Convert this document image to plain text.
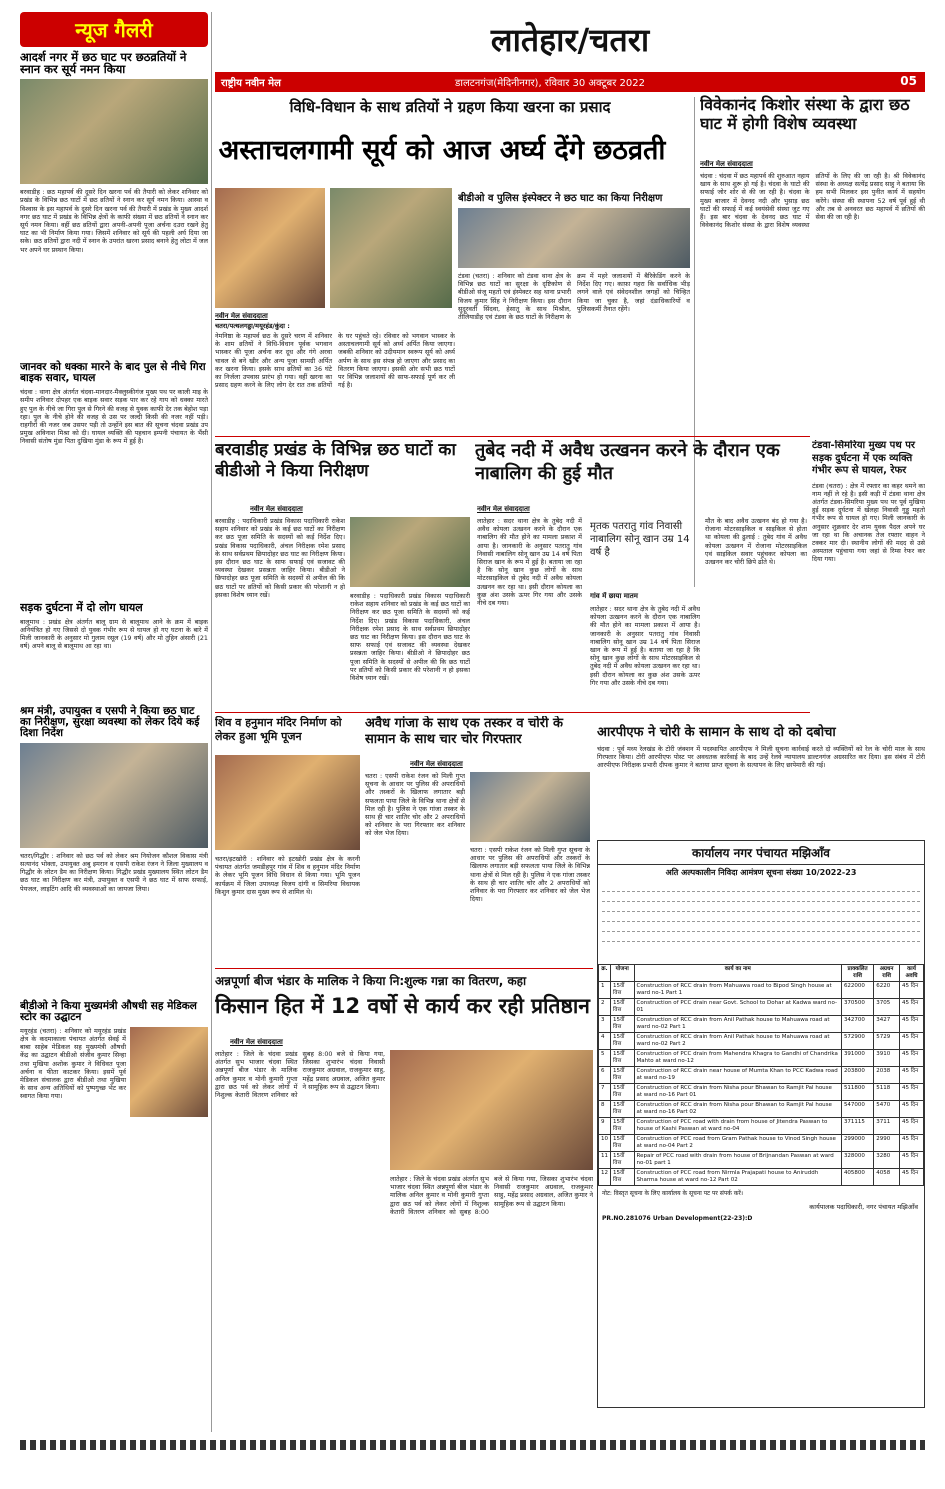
न्यूज गैलरी
आदर्श नगर में छठ घाट पर छठव्रतियों ने स्नान कर सूर्य नमन किया
बरवाडीह : छठ महापर्व की दूसरे दिन खरना पर्व की तैयारी को लेकर शनिवार को प्रखंड के विभिन्न छठ घाटों में छठ व्रतियों ने स्नान कर सूर्य नमन किया। आस्था व विश्वास के इस महापर्व के दूसरे दिन खरना पर्व की तैयारी में प्रखंड के मुख्य आदर्श नगर छठ घाट में प्रखंड के विभिन्न क्षेत्रों के काफी संख्या में छठ व्रतियों ने स्नान कर सूर्य नमन किया। वहीं छठ व्रतियों द्वारा अपनी-अपनी पूजा अर्चना दउरा रखने हेतु घाट का भी निर्माण किया गया। जिसमें शनिवार को सूर्य की पहली अर्घ दिया जा सके। छठ व्रतियों द्वारा नदी में स्नान के उपरांत खरना प्रसाद बनाने हेतु लोटा में जल भर अपने घर प्रस्थान किया।
जानवर को धक्का मारने के बाद पुल से नीचे गिरा बाइक सवार, घायल
चंदवा : थाना क्षेत्र अंतर्गत चंदवा-मानदार-मैक्लुस्कीगंज मुख्य पथ पर काली माइ के समीप शनिवार दोपहर एक बाइक सवार सड़क पार कर रहे गाय को धक्का मारते हुए पुल के नीचे जा गिरा पुल से गिरने की वजह से युवक काफी देर तक बेहोश पड़ा रहा। पुल के नीचे होने की वजह से उस पर जल्दी किसी की नजर नहीं पड़ी। राहगीरों की नजर जब उसपर पड़ी तो उन्होंने इस बात की सूचना चंदवा प्रखंड उप प्रमुख अविनाश मिश्रा को दी। घायल व्यक्ति की पहचान इम्पनी पंचायत के भैंसी निवासी संतोष मुंडा पिता दुखिया मुंडा के रूप में हुई है।
सड़क दुर्घटना में दो लोग घायल
बालूमाथ : प्रखंड क्षेत्र अंतर्गत बालू ग्राम से बालूमाथ आने के क्रम में बाइक अनियंत्रित हो गए जिससे दो युवक गंभीर रूप से घायल हो गए घटना के बारे में मिली जानकारी के अनुसार मो गुलाम रसूल (19 वर्ष) और मो तुहिन अंसारी (21 वर्ष) अपने बालू से बालूमाथ आ रहा था।
श्रम मंत्री, उपायुक्त व एसपी ने किया छठ घाट का निरीक्षण, सुरक्षा व्यवस्था को लेकर दिये कई दिशा निर्देश
चतरा/गिद्धौर : शनिवार को छठ पर्व को लेकर श्रम नियोजन कौशल विकास मंत्री सत्यानंद भोक्ता, उपायुक्त अबु इमरान व एसपी राकेश रंजन ने जिला मुख्यालय व गिद्धौर के लोटन डैम का निरीक्षण किया। गिद्धौर प्रखंड मुख्यालय स्थित लोटन डैम छठ घाट का निरीक्षण कर मंत्री, उपायुक्त व एसपी ने छठ घाट में साफ सफाई, पेयजल, लाइटिंग आदि की व्यवस्थाओं का जायजा लिया।
बीडीओ ने किया मुख्यमंत्री औषधी सह मेडिकल स्टोर का उद्घाटन
मयूरहंड (चतरा) : शनिवार को मयूरहंड प्रखंड क्षेत्र के कदमाकाला पंचायत अंतर्गत सेवई में बाबा साहेब मेडिकल सह मुख्यमंत्री औषधी केंद्र का उद्घाटन बीडीओ संजीव कुमार सिन्हा तथा मुखिया अशोक कुमार ने विधिवत पूजा अर्चना व फीता काटकर किया। इसमें पूर्व मेडिकल संचालक द्वारा बीडीओ तथा मुखिया के साथ अन्य अतिथियों को पुष्पगुच्छ भेंट कर स्वागत किया गया।
लातेहार/चतरा
राष्ट्रीय नवीन मेल	डालटनगंज(मेदिनीनगर), रविवार 30 अक्टूबर 2022	05
विधि-विधान के साथ व्रतियों ने ग्रहण किया खरना का प्रसाद
अस्ताचलगामी सूर्य को आज अर्घ्य देंगे छठव्रती
नवीन मेल संवाददाता
चतरा/पत्थलगड्डा/मयूरहंड/कुंदा :
नेमनिष्ठा के महापर्व छठ के दूसरे चरण में शनिवार के शाम व्रतियों ने विधि-विधान पूर्वक भगवान भास्कर की पूजा अर्चना कर दूध और गंगे अरवा चावल से बने खीर और अन्य पूजा सामग्री अर्पित कर खरना किया। इसके साथ व्रतियों का 36 घंटे का निर्जला उपवास प्रारंभ हो गया। वहीं खरना का प्रसाद ग्रहण करने के लिए लोग देर रात तक व्रतियों के घर पहुंचते रहे। रविवार को भगवान भास्कर के अस्ताचलगामी सूर्य को अर्घ्य अर्पित किया जाएगा। जबकी शनिवार को उदीयमान स्वरूप सूर्य को अर्घ्य अर्पण के साथ इस संपन्न हो जाएगा और प्रसाद का वितरण किया जाएगा। इसकी ओर सभी छठ घाटों पर विभिन्न जलाशयों की साफ-सफाई पूर्ण कर ली गई है।
बीडीओ व पुलिस इंस्पेक्टर ने छठ घाट का किया निरीक्षण
टंडवा (चतरा) : शनिवार को टंडवा थाना क्षेत्र के विभिन्न छठ घाटों का सुरक्षा के दृष्टिकोण से बीडीओ संजू महतो एवं इंस्पेक्टर सह थाना प्रभारी विजय कुमार सिंह ने निरीक्षण किया। इस दौरान सुदूरवर्ती सिंदवा, हेसातू के साथ मिश्रौल, तीलियाडीह एवं टंडवा के छठ घाटों के निरीक्षण के क्रम में महरे जलाशयों में बैरिकेडिंग करने के निर्देश दिए गए। काफ़ा गहरा कि सर्वाधिक भीड़ लगने वाले एवं संवेदनशील जगहों को चिन्हित किया जा चुका है, जहां दंडाधिकारियों व पुलिसकर्मी तैनात रहेंगे।
विवेकानंद किशोर संस्था के द्वारा छठ घाट में होगी विशेष व्यवस्था
नवीन मेल संवाददाता
चंदवा : चंदवा में छठ महापर्व की शुरुआत नहाय खाय के साथ शुरू हो गई है। चंदवा के घाटो की सफाई जोर शोर से की जा रही है। चंदवा के मुख्य बाजार में देवनद नदी और भुसाड़ छठ घाटों की सफाई में कई स्वयंसेवी संस्था जुट गए हैं। इस बार चंदवा के देवनद छठ घाट में विवेकानंद किशोर संस्था के द्वारा विशेष व्यवस्था व्रतियों के लिए की जा रही है। श्री विवेकानंद संस्था के अध्यक्ष सत्येंद्र प्रसाद साहु ने बताया कि हम सभी मिलकर इस पुनीत कार्य में सहयोग करेंगे। संस्था की स्थापना 52 वर्ष पूर्व हुई थी और तब से अनवरत छठ महापर्व में व्रतियों की सेवा की जा रही है।
टंडवा-सिमरिया मुख्य पथ पर सड़क दुर्घटना में एक व्यक्ति गंभीर रूप से घायल, रेफर
टंडवा (चतरा) : क्षेत्र में रफ्तार का कहर थमने का नाम नहीं ले रहे है। इसी कड़ी में टंडवा थाना क्षेत्र अंतर्गत टंडवा-सिमरिया मुख्य पथ पर पूर्व मुखिया हुई सड़क दुर्घटना में खेलहा निवासी गुड्डू महतो गंभीर रूप से घायल हो गए। मिली जानकारी के अनुसार शुक्रवार देर शाम युवक पैदल अपने घर जा रहा था कि अचानक तेज रफ्तार वाहन ने टक्कर मार दी। स्थानीय लोगों की मदद से उसे अस्पताल पहुंचाया गया जहां से रिम्स रेफर कर दिया गया।
बरवाडीह प्रखंड के विभिन्न छठ घाटों का बीडीओ ने किया निरीक्षण
नवीन मेल संवाददाता
बरवाडीह : पदाधिकारी प्रखंड विकास पदाधिकारी राकेश सहाय शनिवार को प्रखंड के कई छठ घाटों का निरीक्षण कर छठ पूजा समिति के सदस्यों को कई निर्देश दिए। प्रखंड विकास पदाधिकारी, अंचल निरीक्षक रमेश प्रसाद के साथ सर्वप्रथम छिपादोहर छठ घाट का निरीक्षण किया। इस दौरान छठ घाट के साफ सफाई एवं सजावट की व्यवस्था देखकर प्रसन्नता जाहिर किया। बीडीओ ने छिपादोहर छठ पूजा समिति के सदस्यों से अपील की कि छठ घाटों पर व्रतियों को किसी प्रकार की परेशानी न हो इसका विशेष ध्यान रखें।	बरवाडीह : पदाधिकारी प्रखंड विकास पदाधिकारी राकेश सहाय शनिवार को प्रखंड के कई छठ घाटों का निरीक्षण कर छठ पूजा समिति के सदस्यों को कई निर्देश दिए। प्रखंड विकास पदाधिकारी, अंचल निरीक्षक रमेश प्रसाद के साथ सर्वप्रथम छिपादोहर छठ घाट का निरीक्षण किया। इस दौरान छठ घाट के साफ सफाई एवं सजावट की व्यवस्था देखकर प्रसन्नता जाहिर किया। बीडीओ ने छिपादोहर छठ पूजा समिति के सदस्यों से अपील की कि छठ घाटों पर व्रतियों को किसी प्रकार की परेशानी न हो इसका विशेष ध्यान रखें।
तुबेद नदी में अवैध उत्खनन करने के दौरान एक नाबालिग की हुई मौत
नवीन मेल संवाददाता
लातेहार : सदर थाना क्षेत्र के तुबेद नदी में अवैध कोयला उत्खनन करने के दौरान एक नाबालिग की मौत होने का मामला प्रकाश में आया है। जानकारी के अनुसार पतरातु गांव निवासी नाबालिग सोनू खान उम्र 14 वर्ष पिता सिराज खान के रूप में हुई है। बताया जा रहा है कि सोनू खान कुछ लोगों के साथ मोटरसाइकिल से तुबेद नदी में अवैध कोयला उत्खनन कर रहा था। इसी दौरान कोयला का कुछ अंश उसके ऊपर गिर गया और उसके नीचे दब गया।
मृतक पतरातु गांव निवासी नाबालिग सोनू खान उम्र 14 वर्ष है
लातेहार : सदर थाना क्षेत्र के तुबेद नदी में अवैध कोयला उत्खनन करने के दौरान एक नाबालिग की मौत होने का मामला प्रकाश में आया है। जानकारी के अनुसार पतरातु गांव निवासी नाबालिग सोनू खान उम्र 14 वर्ष पिता सिराज खान के रूप में हुई है। बताया जा रहा है कि सोनू खान कुछ लोगों के साथ मोटरसाइकिल से तुबेद नदी में अवैध कोयला उत्खनन कर रहा था। इसी दौरान कोयला का कुछ अंश उसके ऊपर गिर गया और उसके नीचे दब गया।
गांव में छाया मातम
मौत के बाद अवैध उत्खनन बंद हो गया है। रोजाना मोटरसाइकिल व साइकिल से होता था कोयला की ढुलाई : तुबेद गांव में अवैध कोयला उत्खनन में रोजाना मोटरसाइकिल एवं साइकिल सवार पहुंचकर कोयला का उत्खनन कर चोरी छिपे ढोते थे।
शिव व हनुमान मंदिर निर्माण को लेकर हुआ भूमि पूजन
चतरा/इटखोरी : शनिवार को इटखोरी प्रखंड क्षेत्र के करनी पंचायत अंतर्गत जमडीहपुर गांव में शिव व हनुमान मंदिर निर्माण के लेकर भूमि पूजन विधि विधान से किया गया। भूमि पूजन कार्यक्रम में जिला उपाध्यक्ष विजय दांगी व सिमरिया विधायक किशुन कुमार दास मुख्य रूप से शामिल थे।
अवैध गांजा के साथ एक तस्कर व चोरी के सामान के साथ चार चोर गिरफ्तार
नवीन मेल संवाददाता
चतरा : एसपी राकेश रंजन को मिली गुप्त सूचना के आधार पर पुलिस की अपराधियों और तस्करों के खिलाफ लगातार बड़ी सफलता पाया जिले के विभिन्न थाना क्षेत्रों से मिल रही है। पुलिस ने एक गांजा तस्कर के साथ ही चार शातिर चोर और 2 अपराधियों को शनिवार के परा गिरफ्तार कर शनिवार को जेल भेज दिया।
चतरा : एसपी राकेश रंजन को मिली गुप्त सूचना के आधार पर पुलिस की अपराधियों और तस्करों के खिलाफ लगातार बड़ी सफलता पाया जिले के विभिन्न थाना क्षेत्रों से मिल रही है। पुलिस ने एक गांजा तस्कर के साथ ही चार शातिर चोर और 2 अपराधियों को शनिवार के परा गिरफ्तार कर शनिवार को जेल भेज दिया।
आरपीएफ ने चोरी के सामान के साथ दो को दबोचा
चंदवा : पूर्व मध्य रेलखंड के टोरी जंक्शन में पदस्थापित आरपीएफ ने मिली सूचना कार्रवाई करते दो व्यक्तियों को रेल के चोरी माल के साथ गिरफ्तार किया। टोरी आरपीएफ पोस्ट पर अवधतक कार्रवाई के बाद उन्हें रेलवे न्यायालय डाल्टनगंज अग्रसारित कर दिया। इस संबंध में टोरी आरपीएफ निरीक्षक प्रभारी दीपक कुमार ने बताया प्राप्त सूचना के सत्यापन के लिए छापेमारी की गई।
कार्यालय नगर पंचायत मझिआँव
अति अल्पकालीन निविदा आमंत्रण सूचना संख्या 10/2022-23
क्र.	योजना	कार्य का नाम	प्राक्कलित राशि	अग्रधन राशि	कार्य अवधि
1	15वीं वित्त	Construction of RCC drain from Mahuawa road to Bipod Singh house at ward no-1 Part 1	622000	6220	45 दिन
2	15वीं वित्त	Construction of PCC drain near Govt. School to Dohar at Kadwa ward no-01	370500	3705	45 दिन
3	15वीं वित्त	Construction of RCC drain from Anil Pathak house to Mahuawa road at ward no-02 Part 1	342700	3427	45 दिन
4	15वीं वित्त	Construction of RCC drain from Anil Pathak house to Mahuawa road at ward no-02 Part 2	572900	5729	45 दिन
5	15वीं वित्त	Construction of PCC drain from Mahendra Khagra to Gandhi of Chandrika Mahto at ward no-12	391000	3910	45 दिन
6	15वीं वित्त	Construction of RCC drain near house of Mumta Khan to PCC Kadwa road at ward no-19	203800	2038	45 दिन
7	15वीं वित्त	Construction of RCC drain from Nisha pour Bhawan to Ramjit Pal house at ward no-16 Part 01	511800	5118	45 दिन
8	15वीं वित्त	Construction of RCC drain from Nisha pour Bhawan to Ramjit Pal house at ward no-16 Part 02	547000	5470	45 दिन
9	15वीं वित्त	Construction of PCC road with drain from house of Jitendra Paswan to house of Kashi Paswan at ward no-04	371115	3711	45 दिन
10	15वीं वित्त	Construction of PCC road from Gram Pathak house to Vinod Singh house at ward no-04 Part 2	299000	2990	45 दिन
11	15वीं वित्त	Repair of PCC road with drain from house of Brijnandan Paswan at ward no-01 part 1	328000	3280	45 दिन
12	15वीं वित्त	Construction of PCC road from Nirmla Prajapati house to Aniruddh Sharma house at ward no-12 Part 02	405800	4058	45 दिन
नोट: विस्तृत सूचना के लिए कार्यालय के सूचना पट पर संपर्क करें।
कार्यपालक पदाधिकारी, नगर पंचायत मझिआँव
PR.NO.281076 Urban Development(22-23):D
अन्नपूर्णा बीज भंडार के मालिक ने किया नि:शुल्क गन्ना का वितरण, कहा
किसान हित में 12 वर्षो से कार्य कर रही प्रतिष्ठान
नवीन मेल संवाददाता
लातेहार : जिले के चंदवा प्रखंड अंतर्गत सुभ भाजार चंदवा स्थित अन्नपूर्णा बीज भंडार के मालिक अनिल कुमार व मोनी कुमारी गुप्ता द्वारा छठ पर्व को लेकर लोगों में निशुल्क केतारी वितरण शनिवार को सुबह 8:00 बजे से किया गया, जिसका शुभारंभ चंदवा निवासी राजकुमार अग्रवाल, राजकुमार साहु, महेंद्र प्रसाद अग्रवाल, अजित कुमार ने सामूहिक रूप से उद्घाटन किया।
लातेहार : जिले के चंदवा प्रखंड अंतर्गत सुभ भाजार चंदवा स्थित अन्नपूर्णा बीज भंडार के मालिक अनिल कुमार व मोनी कुमारी गुप्ता द्वारा छठ पर्व को लेकर लोगों में निशुल्क केतारी वितरण शनिवार को सुबह 8:00 बजे से किया गया, जिसका शुभारंभ चंदवा निवासी राजकुमार अग्रवाल, राजकुमार साहु, महेंद्र प्रसाद अग्रवाल, अजित कुमार ने सामूहिक रूप से उद्घाटन किया।
